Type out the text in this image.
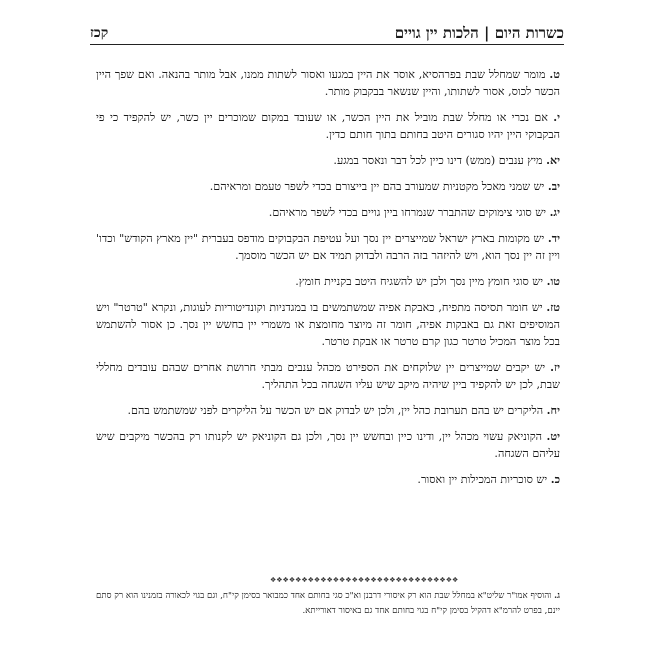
כשרות היום | הלכות יין גויים
קכז

ט. מומר שמחלל שבת בפרהסיא, אוסר את היין במגעו ואסור לשתות ממנו, אבל מותר בהנאה. ואם שפך היין הכשר לכוס, אסור לשתותו, והיין שנשאר בבקבוק מותר.

י. אם נכרי או מחלל שבת מוביל את היין הכשר, או שעובד במקום שמוכרים יין כשר, יש להקפיד כי פי הבקבוקי היין יהיו סגורים היטב בחותם בתוך חותם כדין.

יא. מיץ ענבים (ממש) דינו כיין לכל דבר ונאסר במגע.

יב. יש שמני מאכל מקטניות שמעורב בהם יין בייצורם בכדי לשפר טעמם ומראיהם.

יג. יש סוגי צימוקים שהתברר שנמרחו ביין גויים בכדי לשפר מראיהם.

יד. יש מקומות בארץ ישראל שמייצרים יין נסך ועל עטיפת הבקבוקים מודפס בעברית "יין מארץ הקודש" וכדו' ויין זה יין נסך הוא, ויש להיזהר בזה הרבה ולבדוק תמיד אם יש הכשר מוסמך.

טו. יש סוגי חומץ מיין נסך ולכן יש להשגיח היטב בקניית חומץ.

טז. יש חומר תסיסה מתפיח, כאבקת אפיה שמשתמשים בו במגדניות וקונדיטוריות לעוגות, ונקרא "טרטר" ויש המוסיפים זאת גם באבקות אפיה, חומר זה מיוצר מחומצת או משמרי יין בחשש יין נסך. כן אסור להשתמש בכל מוצר המכיל טרטר כגון קרם טרטר או אבקת טרטר.

יז. יש יקבים שמייצרים יין שלוקחים את הספירט מכהל ענבים מבתי חרושת אחרים שבהם עובדים מחללי שבת, לכן יש להקפיד ביין שיהיה מיקב שיש עליו השגחה בכל התהליך.

יח. הליקרים יש בהם תערובת כהל יין, ולכן יש לבדוק אם יש הכשר על הליקרים לפני שמשתמש בהם.

יט. הקוניאק עשוי מכהל יין, ודינו כיין ובחשש יין נסך, ולכן גם הקוניאק יש לקנותו רק בהכשר מיקבים שיש עליהם השגחה.

כ. יש סוכריות המכילות יין ואסור.

❖❖❖❖❖❖❖❖❖❖❖❖❖❖❖❖❖❖❖❖❖❖❖❖❖❖❖❖❖❖
ג. והוסיף אמו"ר שליט"א במחלל שבת הוא רק איסורי דרבנן וא"כ סגי בחותם אחד כמבואר בסימן קי"ח, וגם בגוי לכאורה בזמנינו הוא רק סתם יינם, בפרט להרמ"א דהקיל בסימן קי"ח בגוי בחותם אחד גם באיסור דאורייתא.
